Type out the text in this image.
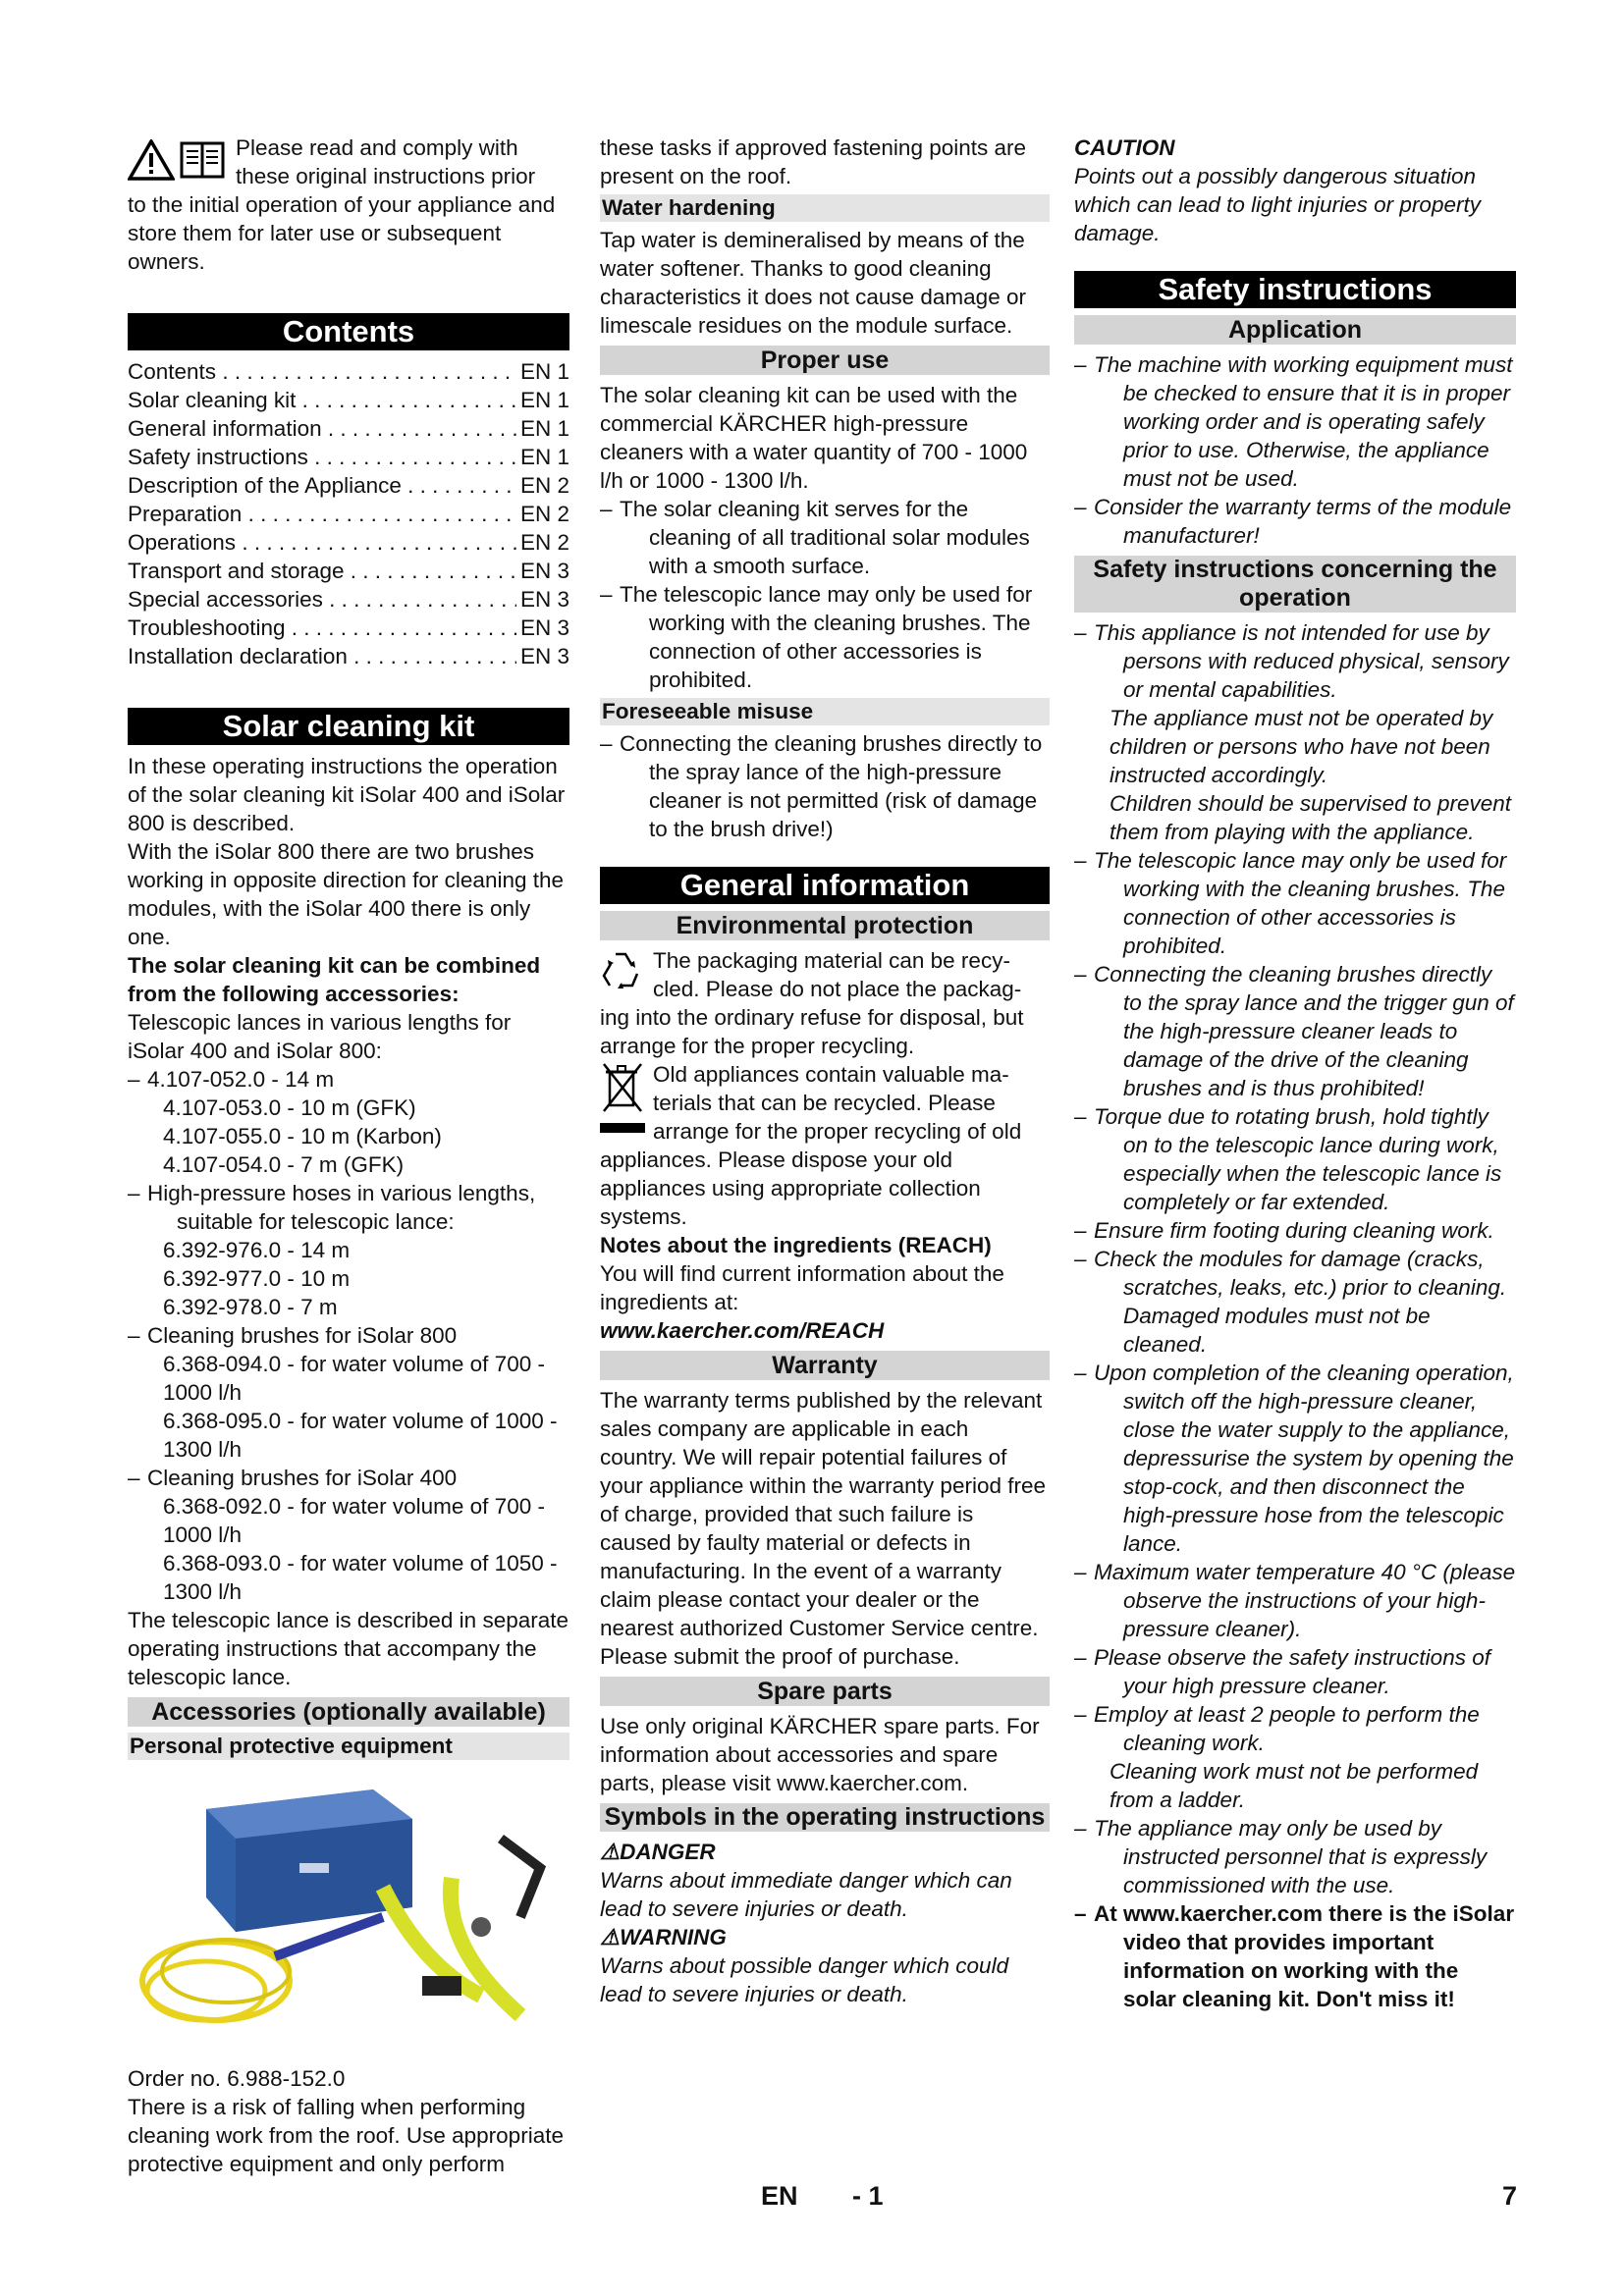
Please read and comply with

these original instructions prior

to the initial operation of your appliance and store them for later use or subsequent owners.

Contents
Contents . . .	EN 1
Solar cleaning kit . . .	EN 1
General information . . .	EN 1
Safety instructions . . .	EN 1
Description of the Appliance . . .	EN 2
Preparation . . .	EN 2
Operations . . .	EN 2
Transport and storage . . .	EN 3
Special accessories . . .	EN 3
Troubleshooting . . .	EN 3
Installation declaration . . .	EN 3
Solar cleaning kit

In these operating instructions the operation of the solar cleaning kit iSolar 400 and iSolar 800 is described.

With the iSolar 800 there are two brushes working in opposite direction for cleaning the modules, with the iSolar 400 there is only one.

The solar cleaning kit can be combined from the following accessories:

Telescopic lances in various lengths for iSolar 400 and iSolar 800:

– 4.107-052.0 - 14 m

4.107-053.0 - 10 m (GFK)

4.107-055.0 - 10 m (Karbon)

4.107-054.0 - 7 m (GFK)

– High-pressure hoses in various lengths, suitable for telescopic lance:

6.392-976.0 - 14 m

6.392-977.0 - 10 m

6.392-978.0 - 7 m

– Cleaning brushes for iSolar 800

6.368-094.0 - for water volume of 700 - 1000 l/h

6.368-095.0 - for water volume of 1000 - 1300 l/h

– Cleaning brushes for iSolar 400

6.368-092.0 - for water volume of 700 - 1000 l/h

6.368-093.0 - for water volume of 1050 - 1300 l/h

The telescopic lance is described in separate operating instructions that accompany the telescopic lance.

Accessories (optionally available)
Personal protective equipment

Order no. 6.988-152.0

There is a risk of falling when performing cleaning work from the roof. Use appropriate protective equipment and only perform

these tasks if approved fastening points are present on the roof.

Water hardening

Tap water is demineralised by means of the water softener. Thanks to good cleaning characteristics it does not cause damage or limescale residues on the module surface.

Proper use

The solar cleaning kit can be used with the commercial KÄRCHER high-pressure cleaners with a water quantity of 700 - 1000 l/h or 1000 - 1300 l/h.

– The solar cleaning kit serves for the cleaning of all traditional solar modules with a smooth surface.

– The telescopic lance may only be used for working with the cleaning brushes. The connection of other accessories is prohibited.

Foreseeable misuse

– Connecting the cleaning brushes directly to the spray lance of the high-pressure cleaner is not permitted (risk of damage to the brush drive!)

General information
Environmental protection

The packaging material can be recy-

cled. Please do not place the packag-

ing into the ordinary refuse for disposal, but arrange for the proper recycling.

Old appliances contain valuable ma-

terials that can be recycled. Please

arrange for the proper recycling of old

appliances. Please dispose your old appliances using appropriate collection systems.

Notes about the ingredients (REACH)

You will find current information about the ingredients at:

www.kaercher.com/REACH

Warranty

The warranty terms published by the relevant sales company are applicable in each country. We will repair potential failures of your appliance within the warranty period free of charge, provided that such failure is caused by faulty material or defects in manufacturing. In the event of a warranty claim please contact your dealer or the nearest authorized Customer Service centre. Please submit the proof of purchase.

Spare parts

Use only original KÄRCHER spare parts. For information about accessories and spare parts, please visit www.kaercher.com.

Symbols in the operating instructions

⚠DANGER

Warns about immediate danger which can lead to severe injuries or death.

⚠WARNING

Warns about possible danger which could lead to severe injuries or death.

CAUTION

Points out a possibly dangerous situation which can lead to light injuries or property damage.

Safety instructions
Application

– The machine with working equipment must be checked to ensure that it is in proper working order and is operating safely prior to use. Otherwise, the appliance must not be used.

– Consider the warranty terms of the module manufacturer!

Safety instructions concerning the operation

– This appliance is not intended for use by persons with reduced physical, sensory or mental capabilities.

The appliance must not be operated by children or persons who have not been instructed accordingly.

Children should be supervised to prevent them from playing with the appliance.

– The telescopic lance may only be used for working with the cleaning brushes. The connection of other accessories is prohibited.

– Connecting the cleaning brushes directly to the spray lance and the trigger gun of the high-pressure cleaner leads to damage of the drive of the cleaning brushes and is thus prohibited!

– Torque due to rotating brush, hold tightly on to the telescopic lance during work, especially when the telescopic lance is completely or far extended.

– Ensure firm footing during cleaning work.

– Check the modules for damage (cracks, scratches, leaks, etc.) prior to cleaning. Damaged modules must not be cleaned.

– Upon completion of the cleaning operation, switch off the high-pressure cleaner, close the water supply to the appliance, depressurise the system by opening the stop-cock, and then disconnect the high-pressure hose from the telescopic lance.

– Maximum water temperature 40 °C (please observe the instructions of your high-pressure cleaner).

– Please observe the safety instructions of your high pressure cleaner.

– Employ at least 2 people to perform the cleaning work.

Cleaning work must not be performed from a ladder.

– The appliance may only be used by instructed personnel that is expressly commissioned with the use.

– At www.kaercher.com there is the iSolar video that provides important information on working with the solar cleaning kit. Don't miss it!

EN - 1	7
